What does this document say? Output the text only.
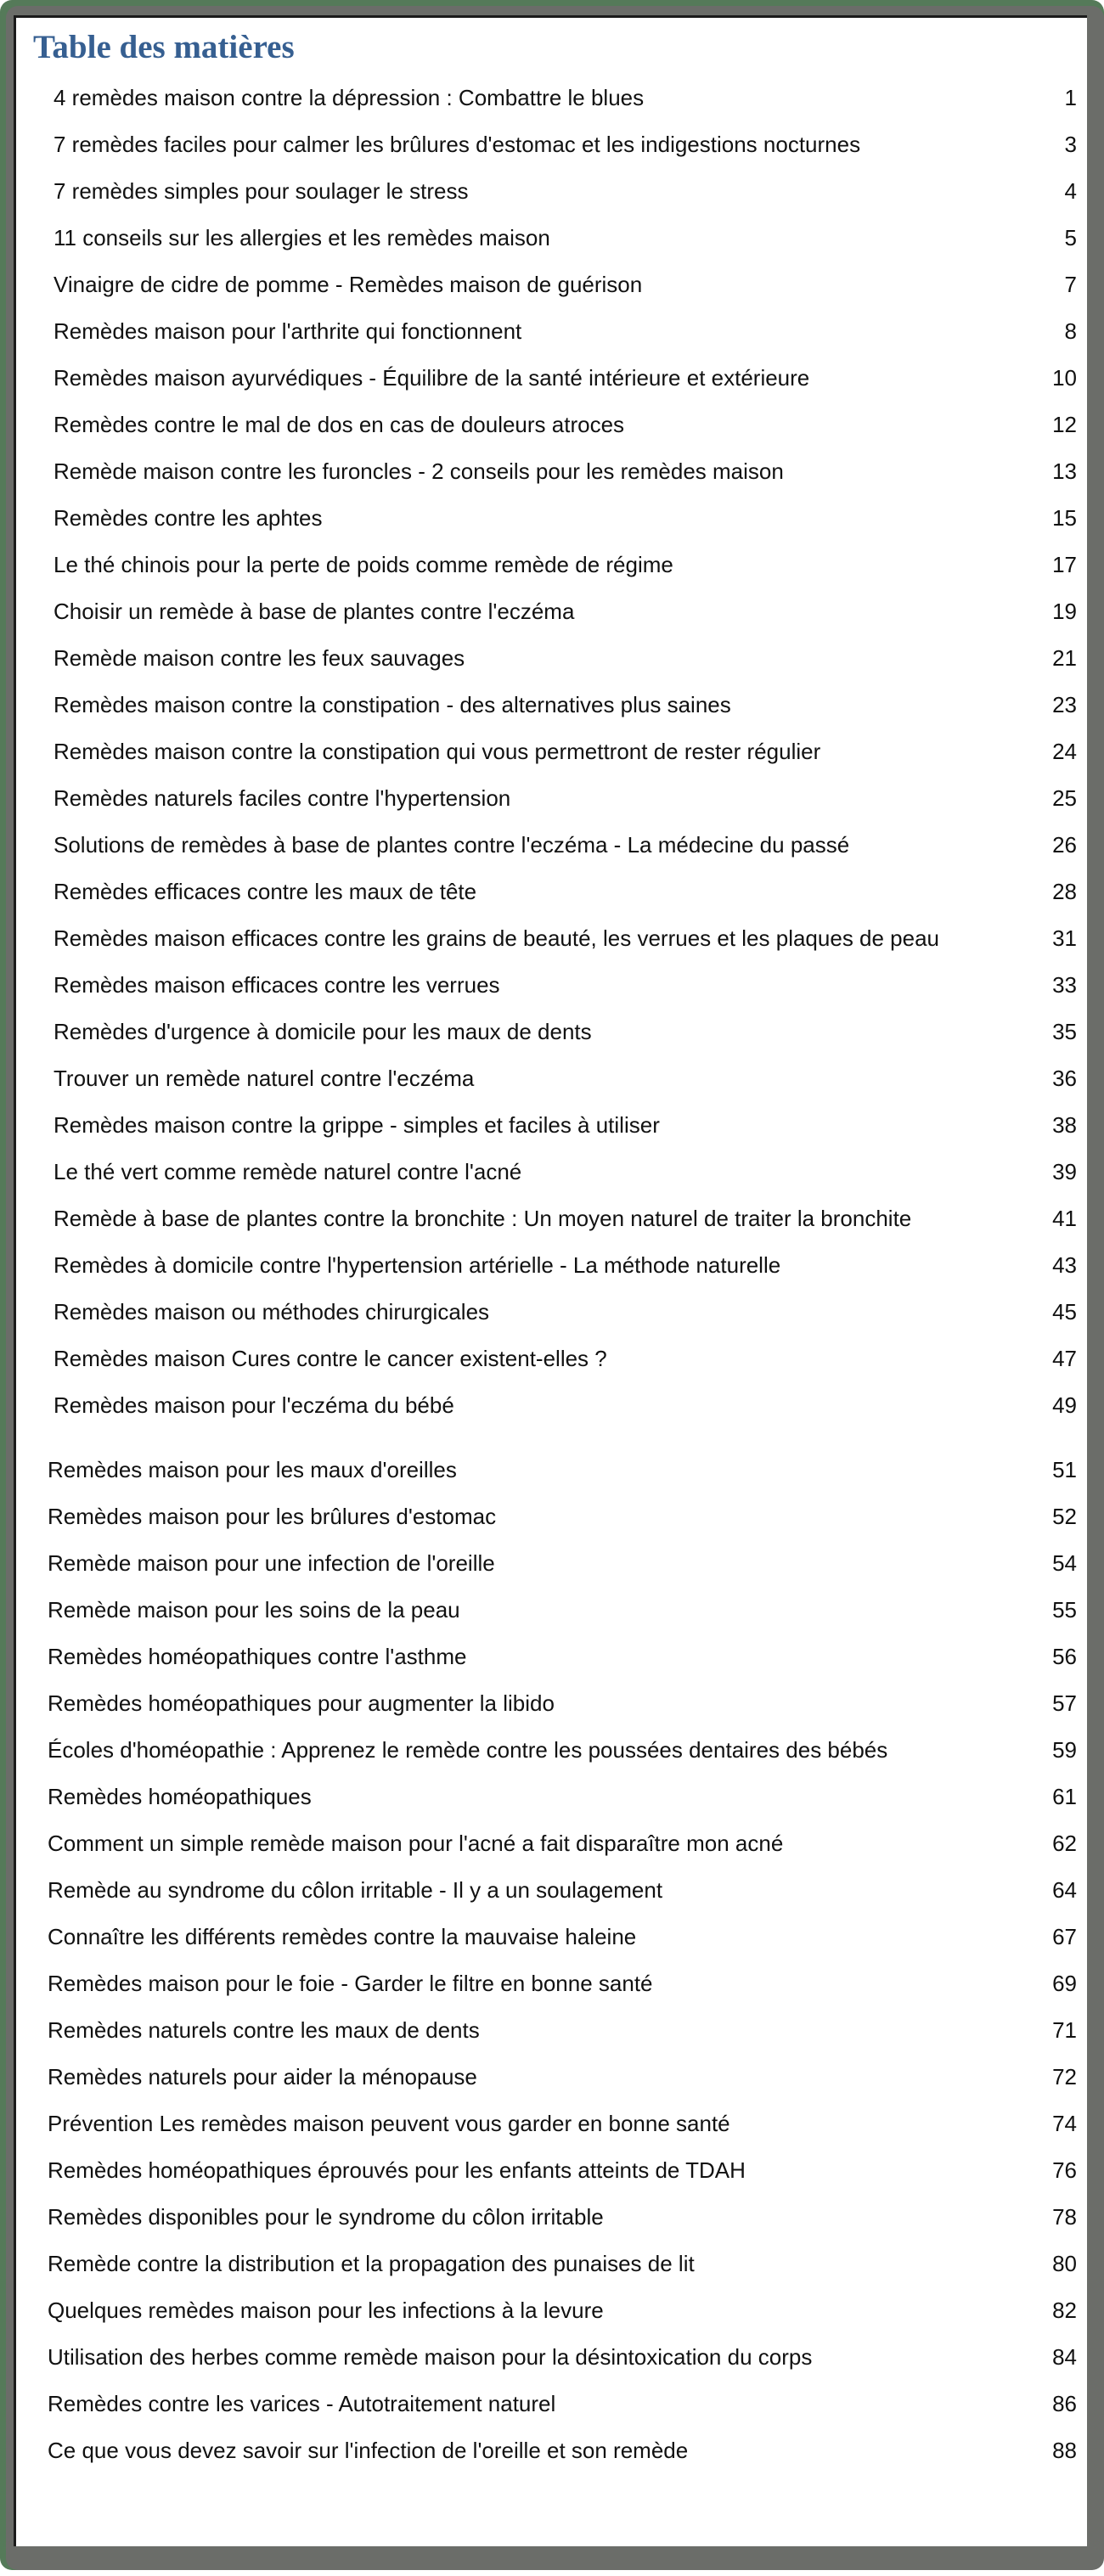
Table des matières
4 remèdes maison contre la dépression : Combattre le blues	1
7 remèdes faciles pour calmer les brûlures d'estomac et les indigestions nocturnes	3
7 remèdes simples pour soulager le stress	4
11 conseils sur les allergies et les remèdes maison	5
Vinaigre de cidre de pomme - Remèdes maison de guérison	7
Remèdes maison pour l'arthrite qui fonctionnent	8
Remèdes maison ayurvédiques - Équilibre de la santé intérieure et extérieure	10
Remèdes contre le mal de dos en cas de douleurs atroces	12
Remède maison contre les furoncles - 2 conseils pour les remèdes maison	13
Remèdes contre les aphtes	15
Le thé chinois pour la perte de poids comme remède de régime	17
Choisir un remède à base de plantes contre l'eczéma	19
Remède maison contre les feux sauvages	21
Remèdes maison contre la constipation - des alternatives plus saines	23
Remèdes maison contre la constipation qui vous permettront de rester régulier	24
Remèdes naturels faciles contre l'hypertension	25
Solutions de remèdes à base de plantes contre l'eczéma - La médecine du passé	26
Remèdes efficaces contre les maux de tête	28
Remèdes maison efficaces contre les grains de beauté, les verrues et les plaques de peau	31
Remèdes maison efficaces contre les verrues	33
Remèdes d'urgence à domicile pour les maux de dents	35
Trouver un remède naturel contre l'eczéma	36
Remèdes maison contre la grippe - simples et faciles à utiliser	38
Le thé vert comme remède naturel contre l'acné	39
Remède à base de plantes contre la bronchite : Un moyen naturel de traiter la bronchite	41
Remèdes à domicile contre l'hypertension artérielle - La méthode naturelle	43
Remèdes maison ou méthodes chirurgicales	45
Remèdes maison Cures contre le cancer existent-elles ?	47
Remèdes maison pour l'eczéma du bébé	49
Remèdes maison pour les maux d'oreilles	51
Remèdes maison pour les brûlures d'estomac	52
Remède maison pour une infection de l'oreille	54
Remède maison pour les soins de la peau	55
Remèdes homéopathiques contre l'asthme	56
Remèdes homéopathiques pour augmenter la libido	57
Écoles d'homéopathie : Apprenez le remède contre les poussées dentaires des bébés	59
Remèdes homéopathiques	61
Comment un simple remède maison pour l'acné a fait disparaître mon acné	62
Remède au syndrome du côlon irritable - Il y a un soulagement	64
Connaître les différents remèdes contre la mauvaise haleine	67
Remèdes maison pour le foie - Garder le filtre en bonne santé	69
Remèdes naturels contre les maux de dents	71
Remèdes naturels pour aider la ménopause	72
Prévention Les remèdes maison peuvent vous garder en bonne santé	74
Remèdes homéopathiques éprouvés pour les enfants atteints de TDAH	76
Remèdes disponibles pour le syndrome du côlon irritable	78
Remède contre la distribution et la propagation des punaises de lit	80
Quelques remèdes maison pour les infections à la levure	82
Utilisation des herbes comme remède maison pour la désintoxication du corps	84
Remèdes contre les varices - Autotraitement naturel	86
Ce que vous devez savoir sur l'infection de l'oreille et son remède	88
